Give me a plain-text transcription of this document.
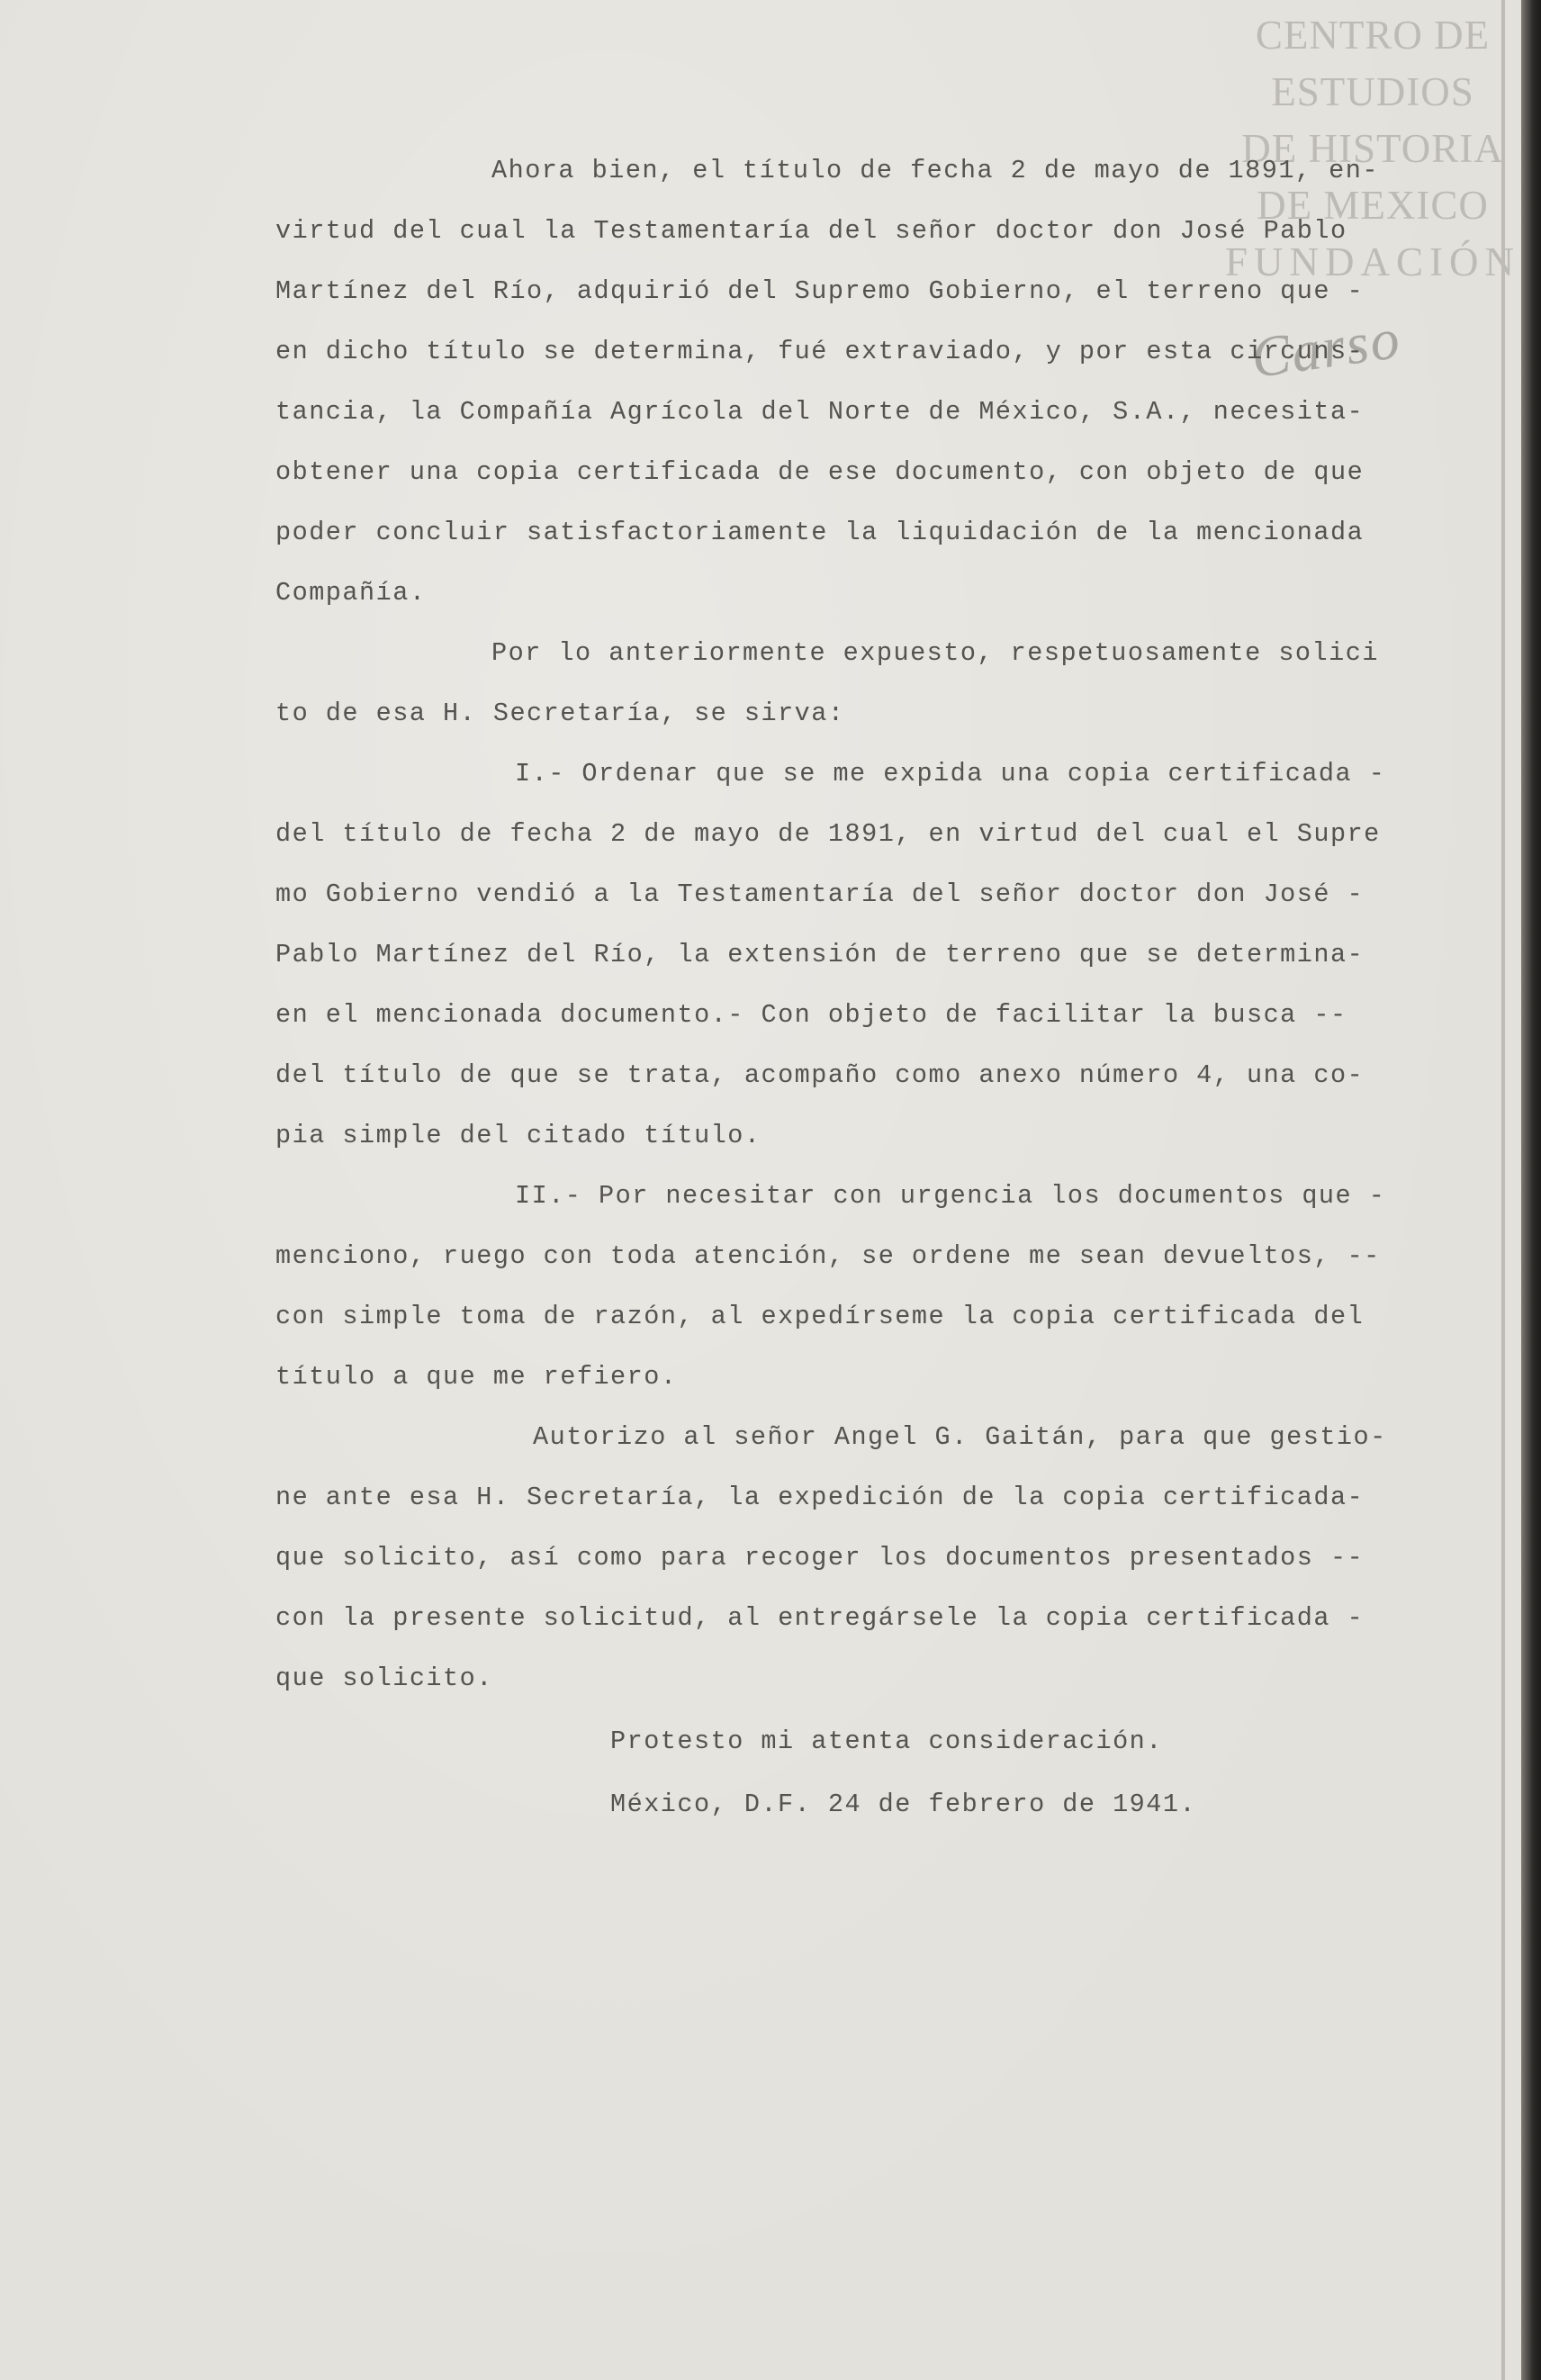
CENTRO DE
ESTUDIOS
DE HISTORIA
DE MEXICO
FUNDACIÓN
Carso
Ahora bien, el título de fecha 2 de mayo de 1891, en-
virtud del cual la Testamentaría del señor doctor don José Pablo
Martínez del Río, adquirió del Supremo Gobierno, el terreno que -
en dicho título se determina, fué extraviado, y por esta circuns-
tancia, la Compañía Agrícola del Norte de México, S.A., necesita-
obtener una copia certificada de ese documento, con objeto de que
poder concluir satisfactoriamente la liquidación de la mencionada
Compañía.
Por lo anteriormente expuesto, respetuosamente solici
to de esa H. Secretaría, se sirva:
I.- Ordenar que se me expida una copia certificada -
del título de fecha 2 de mayo de 1891, en virtud del cual el Supre
mo Gobierno vendió a la Testamentaría del señor doctor don José -
Pablo Martínez del Río, la extensión de terreno que se determina-
en el mencionada documento.- Con objeto de facilitar la busca --
del título de que se trata, acompaño como anexo número 4, una co-
pia simple del citado título.
II.- Por necesitar con urgencia los documentos que -
menciono, ruego con toda atención, se ordene me sean devueltos, --
con simple toma de razón, al expedírseme la copia certificada del
título a que me refiero.
Autorizo al señor Angel G. Gaitán, para que gestio-
ne ante esa H. Secretaría, la expedición de la copia certificada-
que solicito, así como para recoger los documentos presentados --
con la presente solicitud, al entregársele la copia certificada -
que solicito.
Protesto mi atenta consideración.
México, D.F. 24 de febrero de 1941.
